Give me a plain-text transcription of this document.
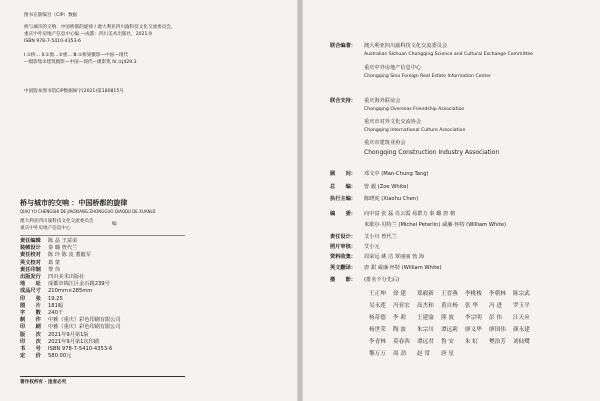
图书在版编目（CIP）数据
桥与城市的交响：中国桥都的旋律 / 澳大利亚四川渝科技文化交流委员会，
重庆中外房地产信息中心编.—成都：四川美术出版社，2021.9
ISBN 978-7-5410-4353-6
Ⅰ.①桥… Ⅱ.①澳…②重… Ⅲ.①桥梁摄影—中国—现代
—摄影集②建筑摄影—中国—现代—摄影集 Ⅳ.①J429.3
中国版本图书馆CIP数据核字(2021)第180815号
桥与城市的交响 ：中国桥都的旋律
QIAO YU CHENGSHI DE JIAOXIANG:ZHONGGUO QIAODU DE XUANLÜ
澳大利亚四川渝科技文化交流委员会
重庆中外房地产信息中心
编
责任编辑 陈 晶 王富弟
装帧设计 秦 璐 曾代兰
责任校对 陈 玲 陈 凌 董毅军
英文校对 葛 蒙
责任印制 黎 伟
出版发行 四川美术出版社
地　　址 成都市锦江区金石路239号
成品尺寸 210mm×285mm
印　　张 19.25
图　　片 181幅
字　　数 240千
制　　作 中雅（重庆）彩色印刷有限公司
印　　刷 中雅（重庆）彩色印刷有限公司
版　　次 2021年9月第1版
印　　次 2021年9月第1次印刷
书　　号 ISBN 978-7-5410-4353-6
定　　价 580.00元
著作权所有 · 违者必究
联合编著： 澳大利亚四川渝科技文化交流委员会
Australian Sichuan Chongqing Science and Cultural Exchange Committee
重庆中外房地产信息中心
Chongqing Sino Foreign Real Estate Information Center
联合支持： 重庆海外联谊会
Chongqing Overseas Friendship Association
重庆市对外文化交流协会
Chongqing International Culture Association
重庆市建筑业协会
Chongqing Construction Industry Association
顾　　问： 邓文中 (Man-Chung Tang)
总　　编： 曾 毅 (Zoe White)
执行主编： 陈晓虎 (Xiaohu Chen)
编　　委： 向中富 张 磊 肖云霞 易群力 秦 璐 唐 朝
米歇尔·贝特兰 (Michel Peterlin) 威廉·怀特 (William White)
责任设计： 艾小川 曾代兰
照片审核： 艾小元
资料收集： 周荣远 姚 洁 覃丽丽 勃 海
英文翻译： 唐 甜 威廉·怀特 (William White)
摄　　影： (排名不分先后)
王正坤 徐 建 郑毅新 王晋燕 李桃梭 李朝林 陈宗武
吴永莲 冯亚宏 高杰和 黄自杨 张 华 冯 进 罗玉平
杨蒂德 李 莉 王建渝 熊 波 李宗明 彭 伟 江天应
杨世荣 陶 波 朱宗川 谭远莉 廖义华 廖国伟 颜永建
李青林 莫春西 谭远君 鲁 安 朱 虹 樊治芳 刘仙鹭
黎万万 周 劲 赵 常 唐 星
